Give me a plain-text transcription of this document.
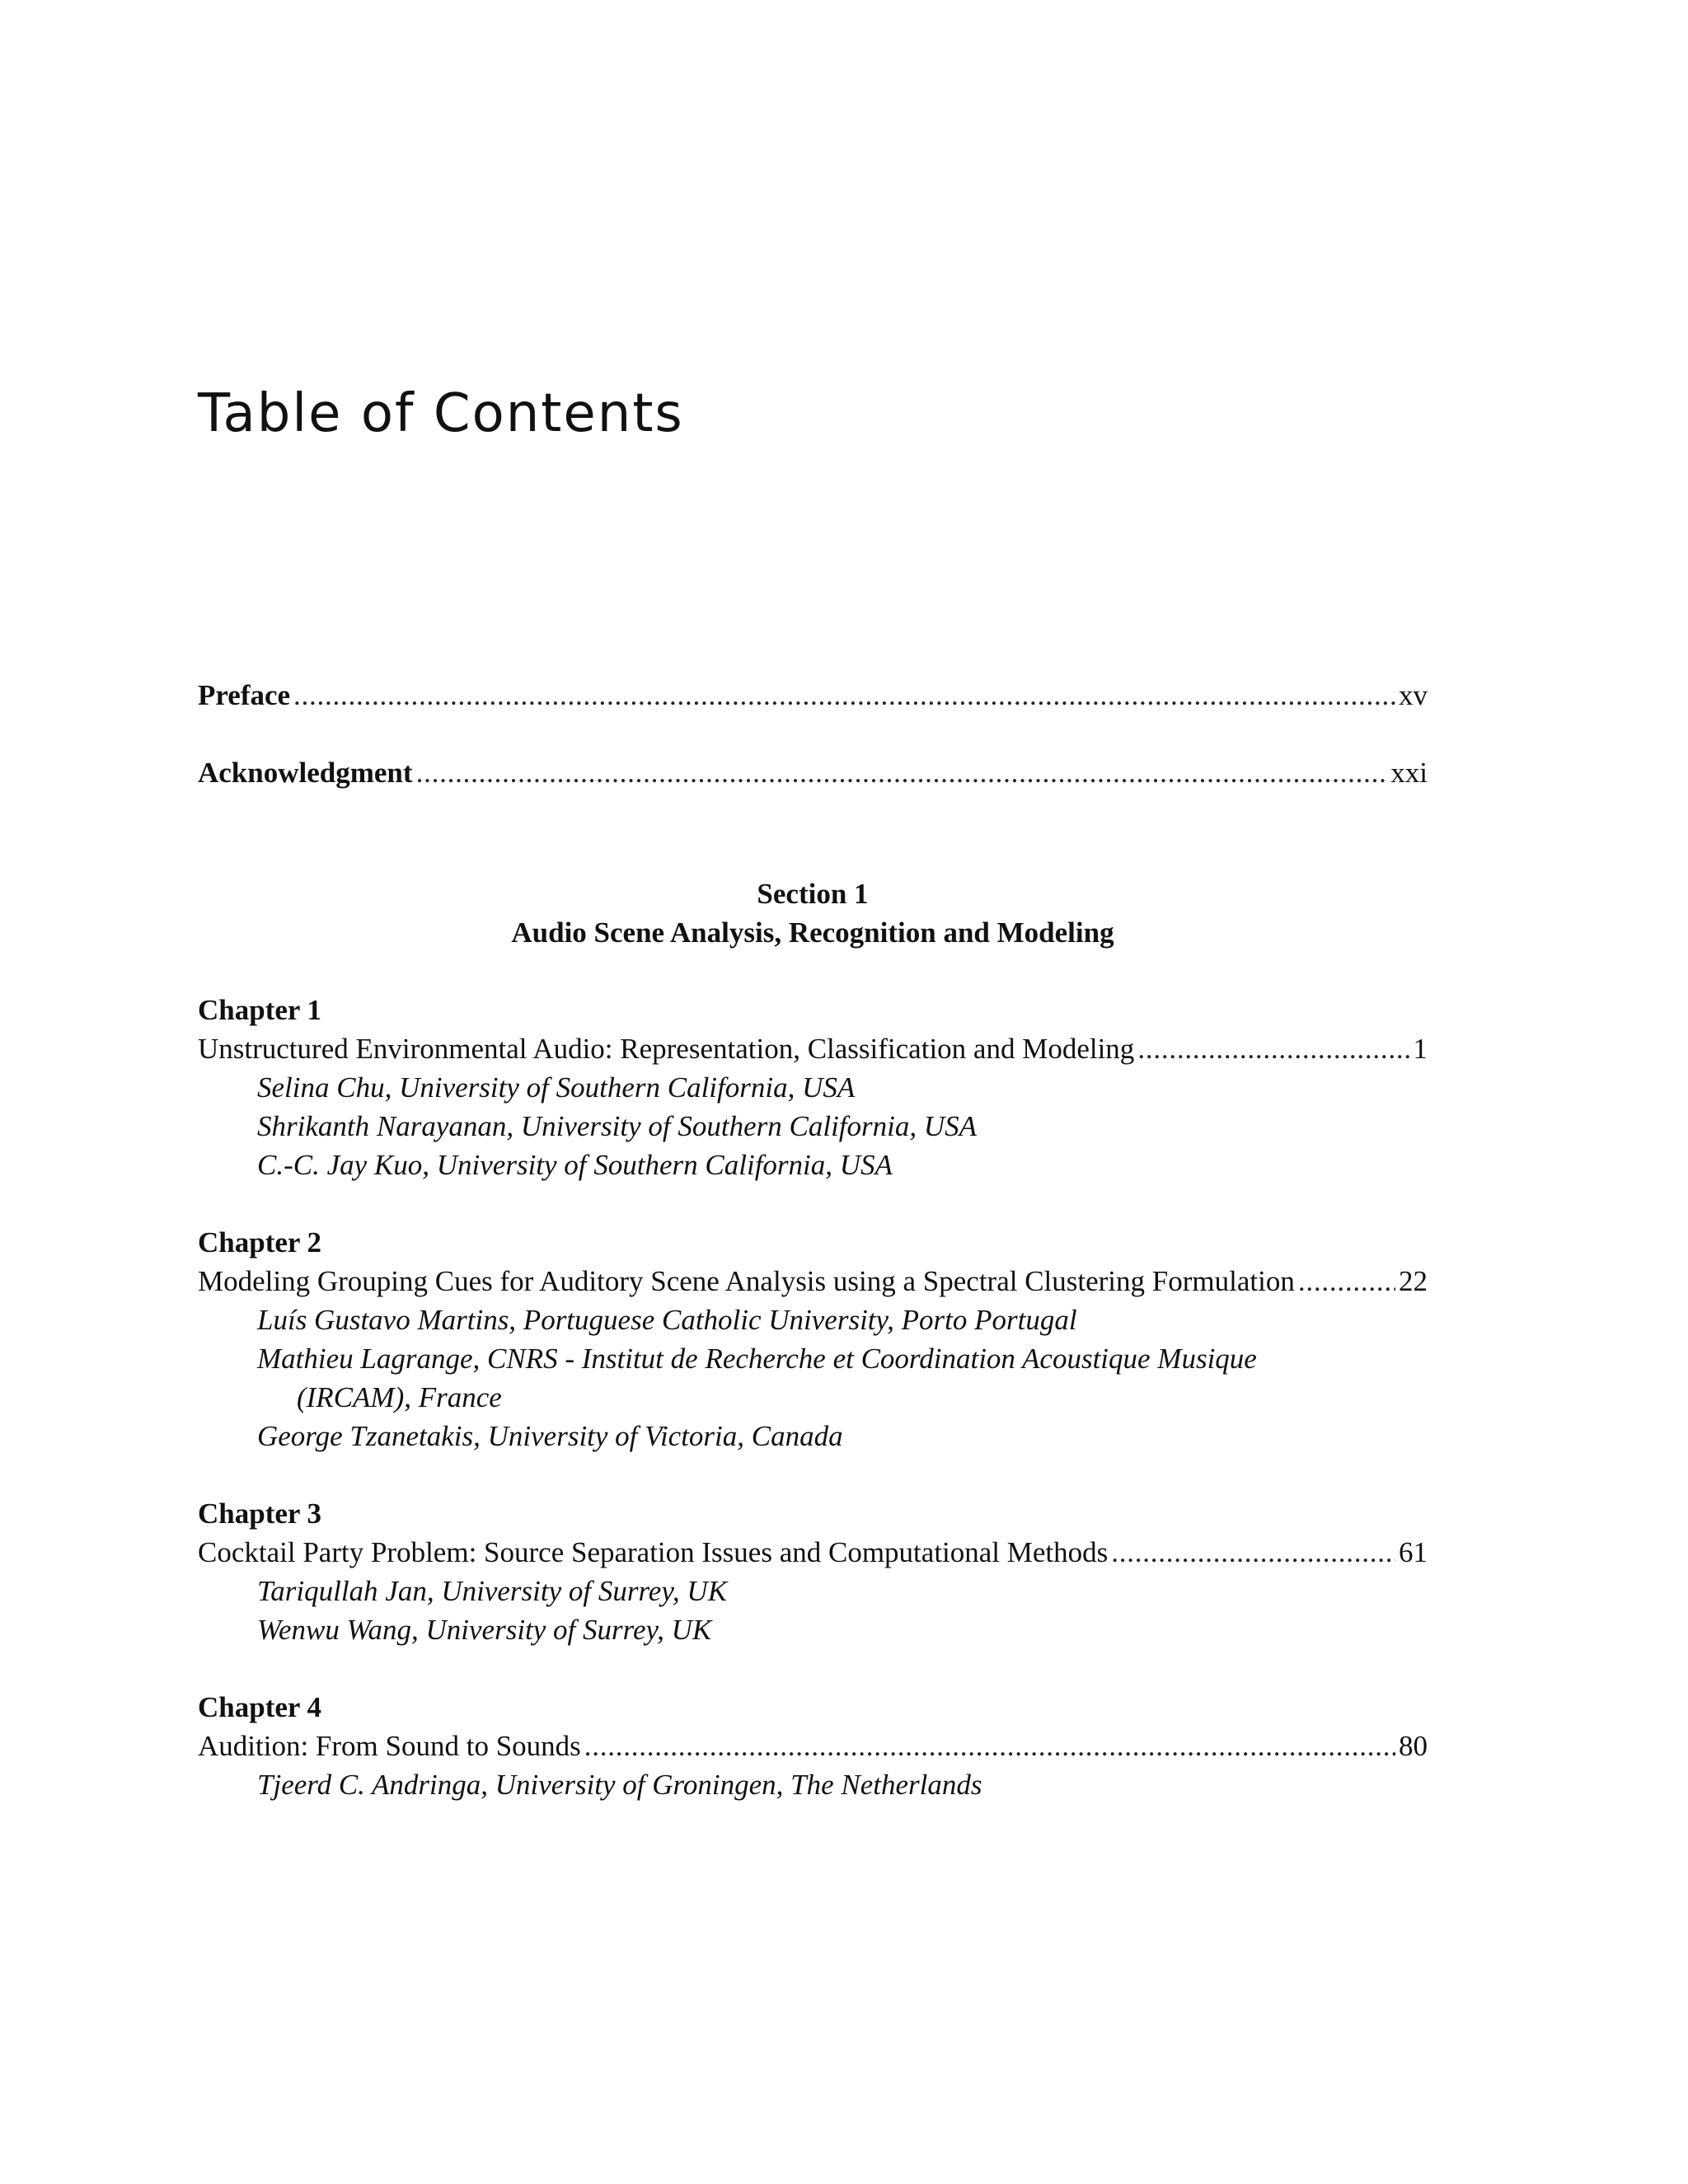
Table of Contents
Preface . . .	xv
Acknowledgment . . .	xxi
Section 1
Audio Scene Analysis, Recognition and Modeling
Chapter 1
Unstructured Environmental Audio: Representation, Classification and Modeling . . .	1
Selina Chu, University of Southern California, USA
Shrikanth Narayanan, University of Southern California, USA
C.-C. Jay Kuo, University of Southern California, USA
Chapter 2
Modeling Grouping Cues for Auditory Scene Analysis using a Spectral Clustering Formulation . . .	22
Luís Gustavo Martins, Portuguese Catholic University, Porto Portugal
Mathieu Lagrange, CNRS - Institut de Recherche et Coordination Acoustique Musique
(IRCAM), France
George Tzanetakis, University of Victoria, Canada
Chapter 3
Cocktail Party Problem: Source Separation Issues and Computational Methods . . .	61
Tariqullah Jan, University of Surrey, UK
Wenwu Wang, University of Surrey, UK
Chapter 4
Audition: From Sound to Sounds . . .	80
Tjeerd C. Andringa, University of Groningen, The Netherlands
